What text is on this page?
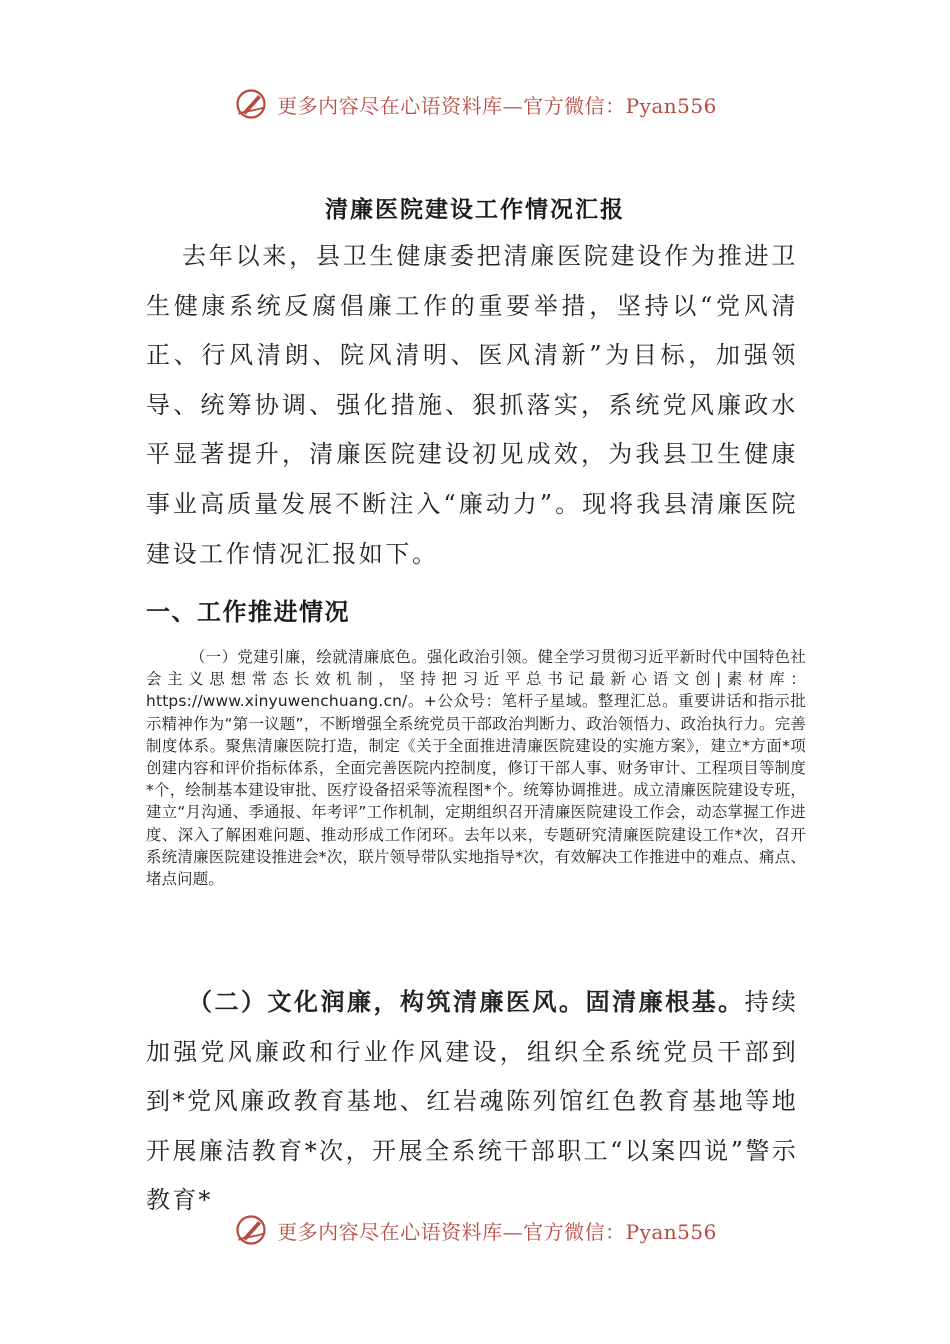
更多内容尽在心语资料库—官方微信：Pyan556
清廉医院建设工作情况汇报

去年以来，县卫生健康委把清廉医院建设作为推进卫生健康系统反腐倡廉工作的重要举措，坚持以“党风清正、行风清朗、院风清明、医风清新”为目标，加强领导、统筹协调、强化措施、狠抓落实，系统党风廉政水平显著提升，清廉医院建设初见成效，为我县卫生健康事业高质量发展不断注入“廉动力”。现将我县清廉医院建设工作情况汇报如下。

一、工作推进情况

（一）党建引廉，绘就清廉底色。强化政治引领。健全学习贯彻习近平新时代中国特色社会主义思想常态长效机制，坚持把习近平总书记最新心语文创|素材库：https://www.xinyuwenchuang.cn/。+公众号：笔杆子星域。整理汇总。重要讲话和指示批示精神作为“第一议题”，不断增强全系统党员干部政治判断力、政治领悟力、政治执行力。完善制度体系。聚焦清廉医院打造，制定《关于全面推进清廉医院建设的实施方案》，建立*方面*项创建内容和评价指标体系，全面完善医院内控制度，修订干部人事、财务审计、工程项目等制度*个，绘制基本建设审批、医疗设备招采等流程图*个。统筹协调推进。成立清廉医院建设专班，建立“月沟通、季通报、年考评”工作机制，定期组织召开清廉医院建设工作会，动态掌握工作进度、深入了解困难问题、推动形成工作闭环。去年以来，专题研究清廉医院建设工作*次，召开系统清廉医院建设推进会*次，联片领导带队实地指导*次，有效解决工作推进中的难点、痛点、堵点问题。

（二）文化润廉，构筑清廉医风。固清廉根基。持续加强党风廉政和行业作风建设，组织全系统党员干部到到*党风廉政教育基地、红岩魂陈列馆红色教育基地等地开展廉洁教育*次，开展全系统干部职工“以案四说”警示教育*

更多内容尽在心语资料库—官方微信：Pyan556
